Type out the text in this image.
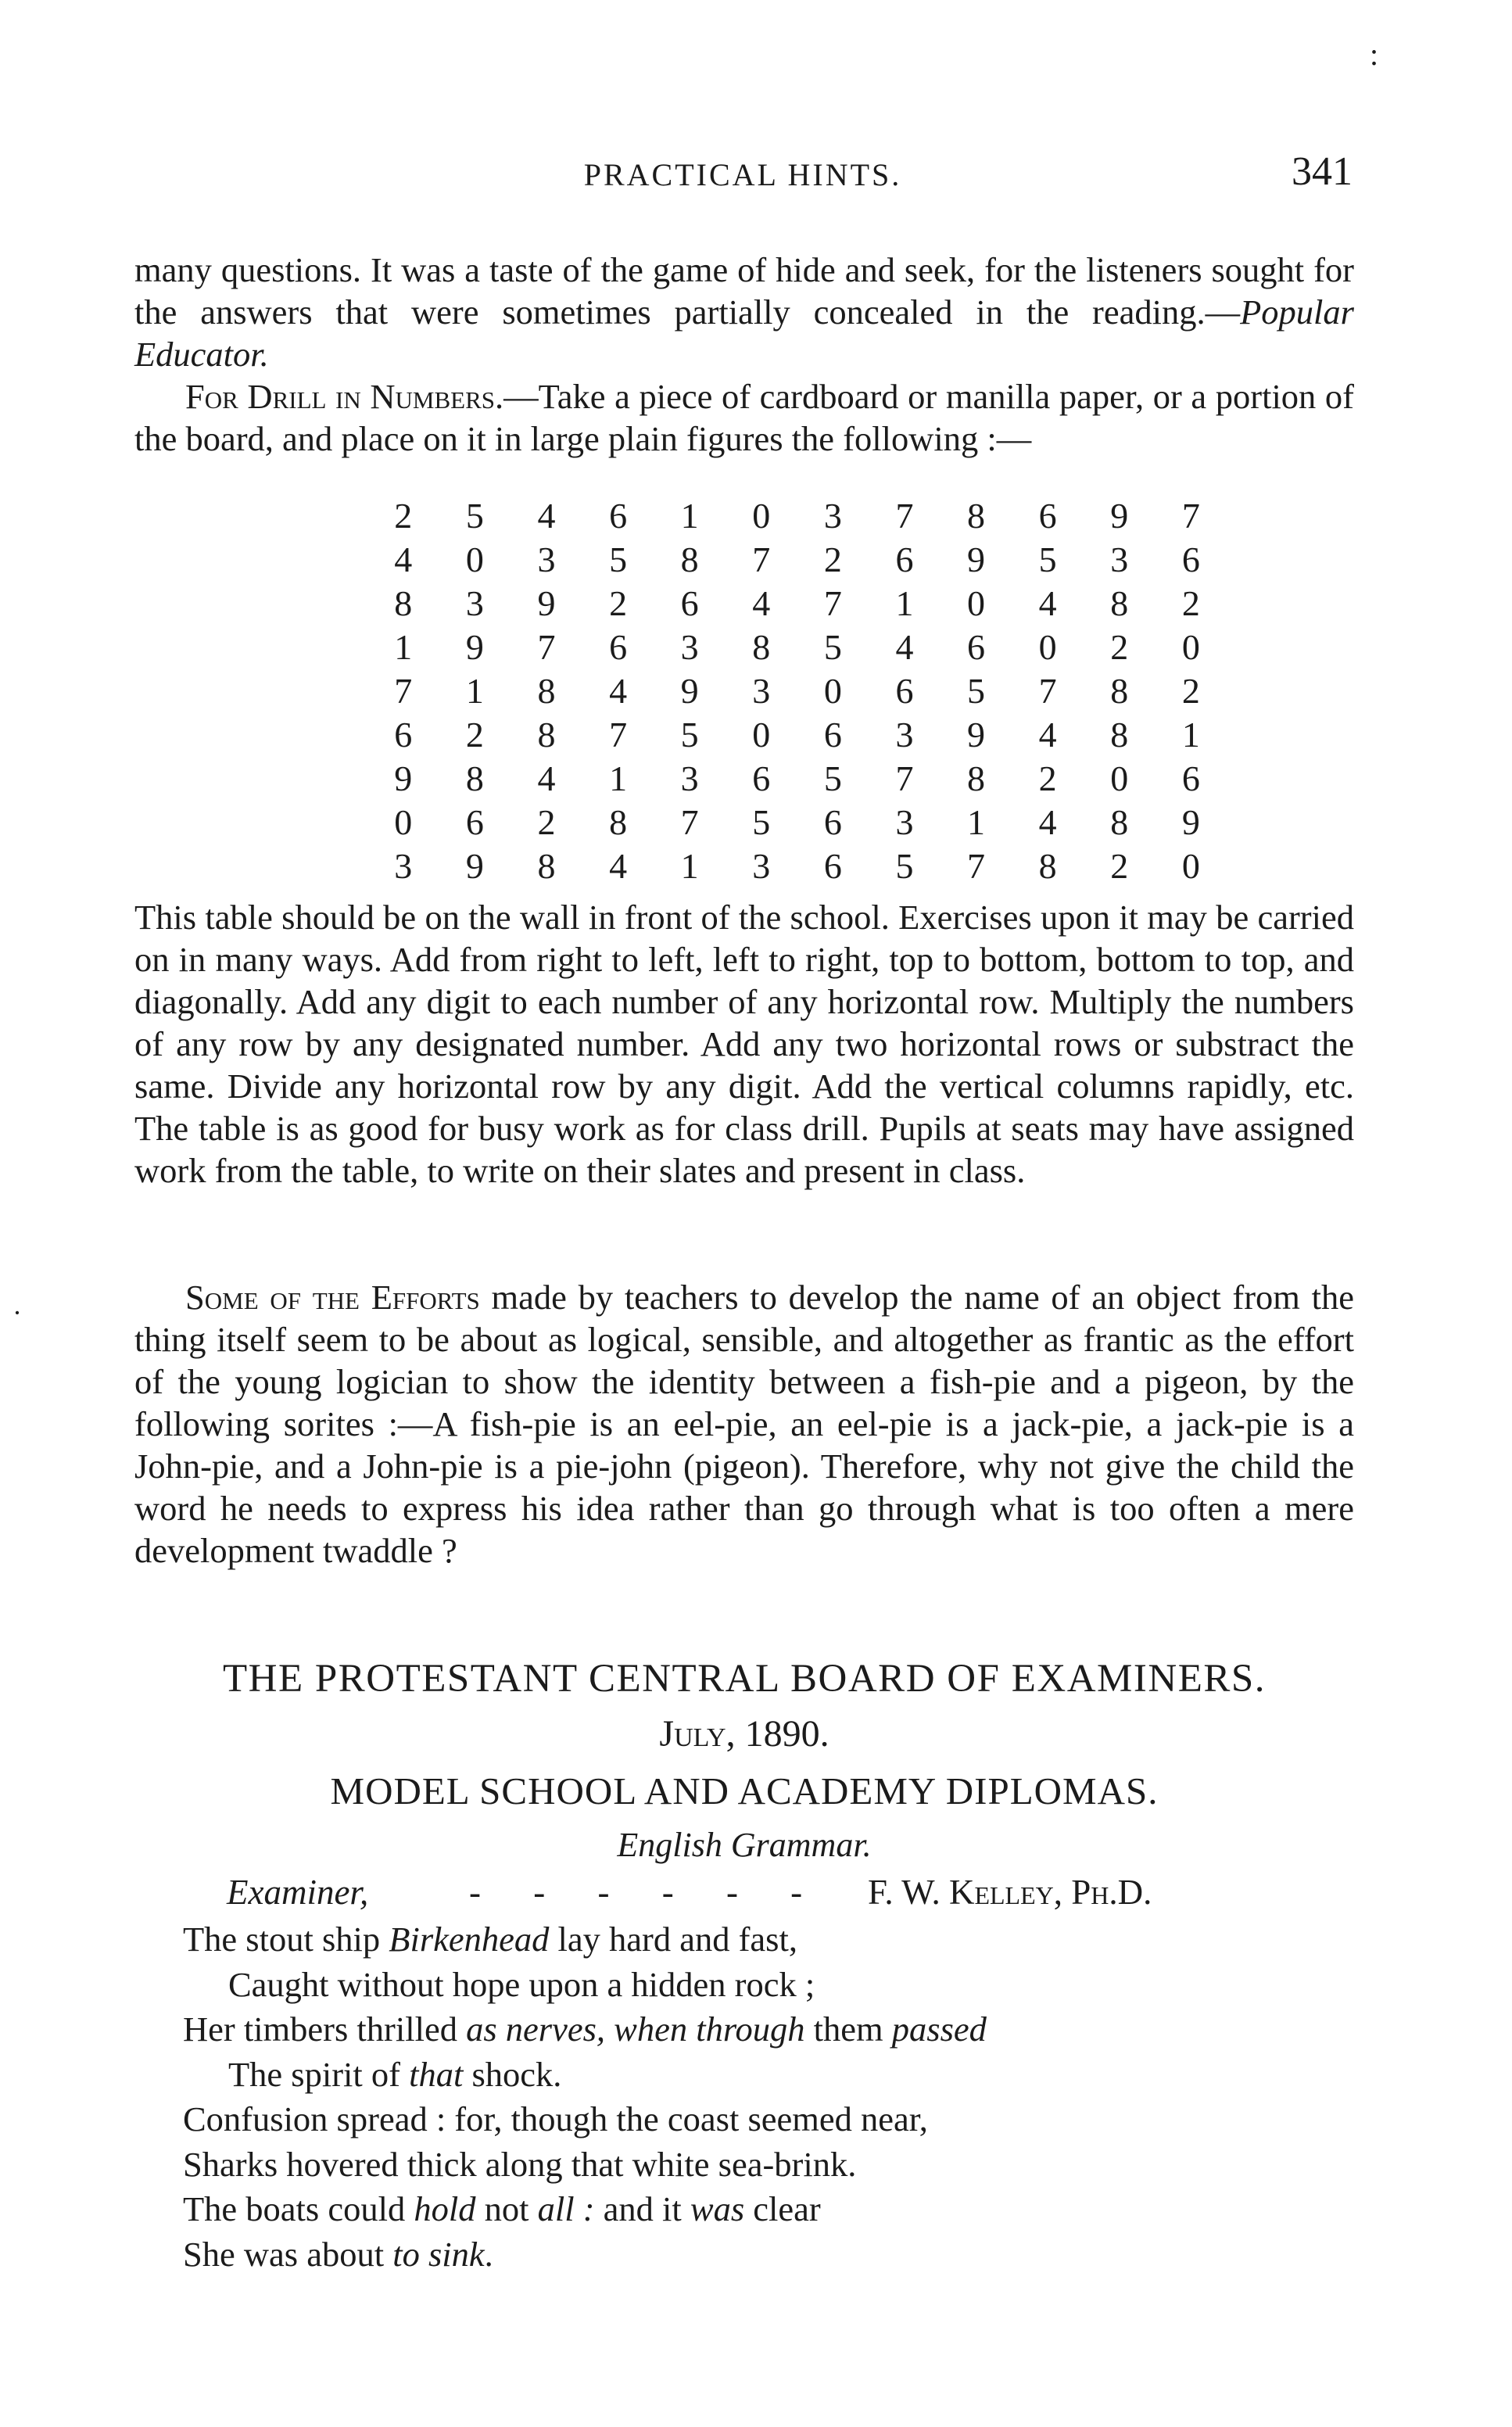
:
·
PRACTICAL HINTS.	341

many questions. It was a taste of the game of hide and seek, for the listeners sought for the answers that were sometimes partially concealed in the reading.—Popular Educator.

For Drill in Numbers.—Take a piece of cardboard or manilla paper, or a portion of the board, and place on it in large plain figures the following :—

2	5	4	6	1	0	3	7	8	6	9	7
4	0	3	5	8	7	2	6	9	5	3	6
8	3	9	2	6	4	7	1	0	4	8	2
1	9	7	6	3	8	5	4	6	0	2	0
7	1	8	4	9	3	0	6	5	7	8	2
6	2	8	7	5	0	6	3	9	4	8	1
9	8	4	1	3	6	5	7	8	2	0	6
0	6	2	8	7	5	6	3	1	4	8	9
3	9	8	4	1	3	6	5	7	8	2	0

This table should be on the wall in front of the school. Exercises upon it may be carried on in many ways. Add from right to left, left to right, top to bottom, bottom to top, and diagonally. Add any digit to each number of any horizontal row. Multiply the numbers of any row by any designated number. Add any two horizontal rows or substract the same. Divide any horizontal row by any digit. Add the vertical columns rapidly, etc. The table is as good for busy work as for class drill. Pupils at seats may have assigned work from the table, to write on their slates and present in class.

Some of the Efforts made by teachers to develop the name of an object from the thing itself seem to be about as logical, sensible, and altogether as frantic as the effort of the young logician to show the identity between a fish-pie and a pigeon, by the following sorites :—A fish-pie is an eel-pie, an eel-pie is a jack-pie, a jack-pie is a John-pie, and a John-pie is a pie-john (pigeon). Therefore, why not give the child the word he needs to express his idea rather than go through what is too often a mere development twaddle ?

THE PROTESTANT CENTRAL BOARD OF EXAMINERS.
July, 1890.
MODEL SCHOOL AND ACADEMY DIPLOMAS.
English Grammar.
Examiner,	- - - - - - F. W. Kelley, Ph.D.
The stout ship Birkenhead lay hard and fast,
Caught without hope upon a hidden rock ;
Her timbers thrilled as nerves, when through them passed
The spirit of that shock.
Confusion spread : for, though the coast seemed near,
Sharks hovered thick along that white sea-brink.
The boats could hold not all : and it was clear
She was about to sink.
